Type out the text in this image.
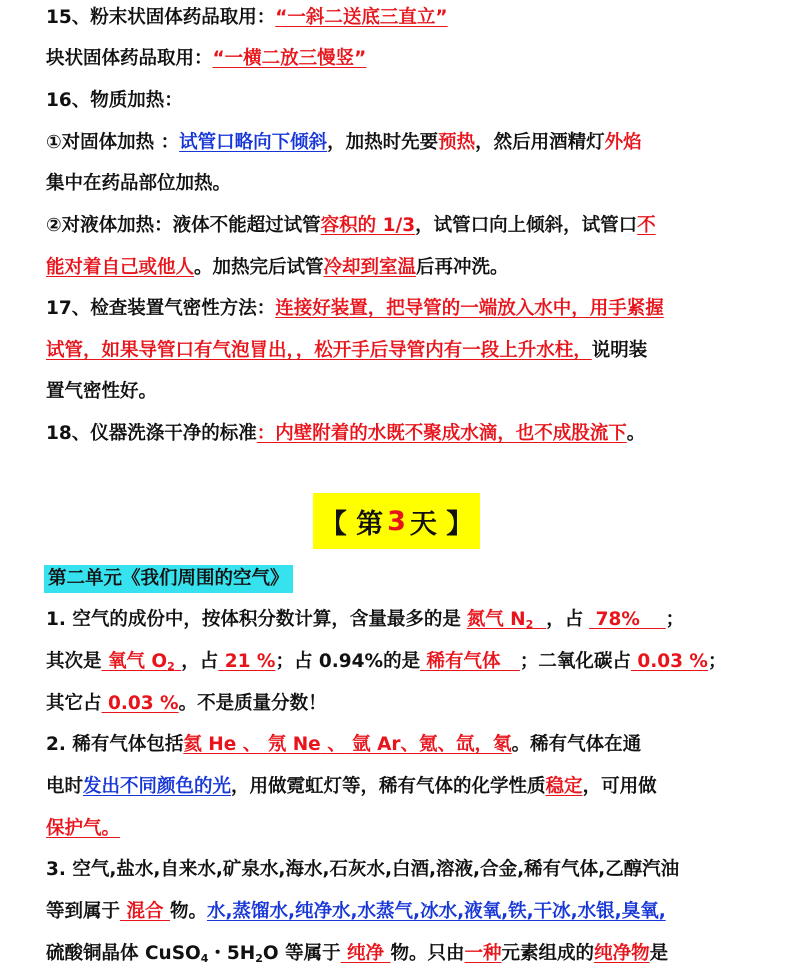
15、粉末状固体药品取用：“一斜二送底三直立”
块状固体药品取用：“一横二放三慢竖”
16、物质加热：
①对固体加热 ：试管口略向下倾斜，加热时先要预热，然后用酒精灯外焰
集中在药品部位加热。
②对液体加热：液体不能超过试管容积的 1/3，试管口向上倾斜，试管口不
能对着自己或他人。加热完后试管冷却到室温后再冲洗。
17、检查装置气密性方法：连接好装置，把导管的一端放入水中，用手紧握
试管，如果导管口有气泡冒出，，松开手后导管内有一段上升水柱，说明装
置气密性好。
18、仪器洗涤干净的标准：内壁附着的水既不聚成水滴，也不成股流下。
【 第 3 天 】
第二单元《我们周围的空气》
1. 空气的成份中，按体积分数计算，含量最多的是 氮气 $N_2$ ，占 78% ；
其次是 氧气 $O_2$ ，占 21 %；占 0.94%的是 稀有气体 ；二氧化碳占 0.03 %；
其它占 0.03 %。不是质量分数！
2. 稀有气体包括氦 He 、 氖 Ne 、 氩 Ar、氪、氙，氡。稀有气体在通
电时发出不同颜色的光，用做霓虹灯等，稀有气体的化学性质稳定，可用做
保护气。
3. 空气,盐水,自来水,矿泉水,海水,石灰水,白酒,溶液,合金,稀有气体,乙醇汽油
等到属于 混合 物。水,蒸馏水,纯净水,水蒸气,冰水,液氧,铁,干冰,水银,臭氧,
硫酸铜晶体 CuSO$_4$・$5H_2O$ 等属于 纯净 物。只由一种元素组成的纯净物是
